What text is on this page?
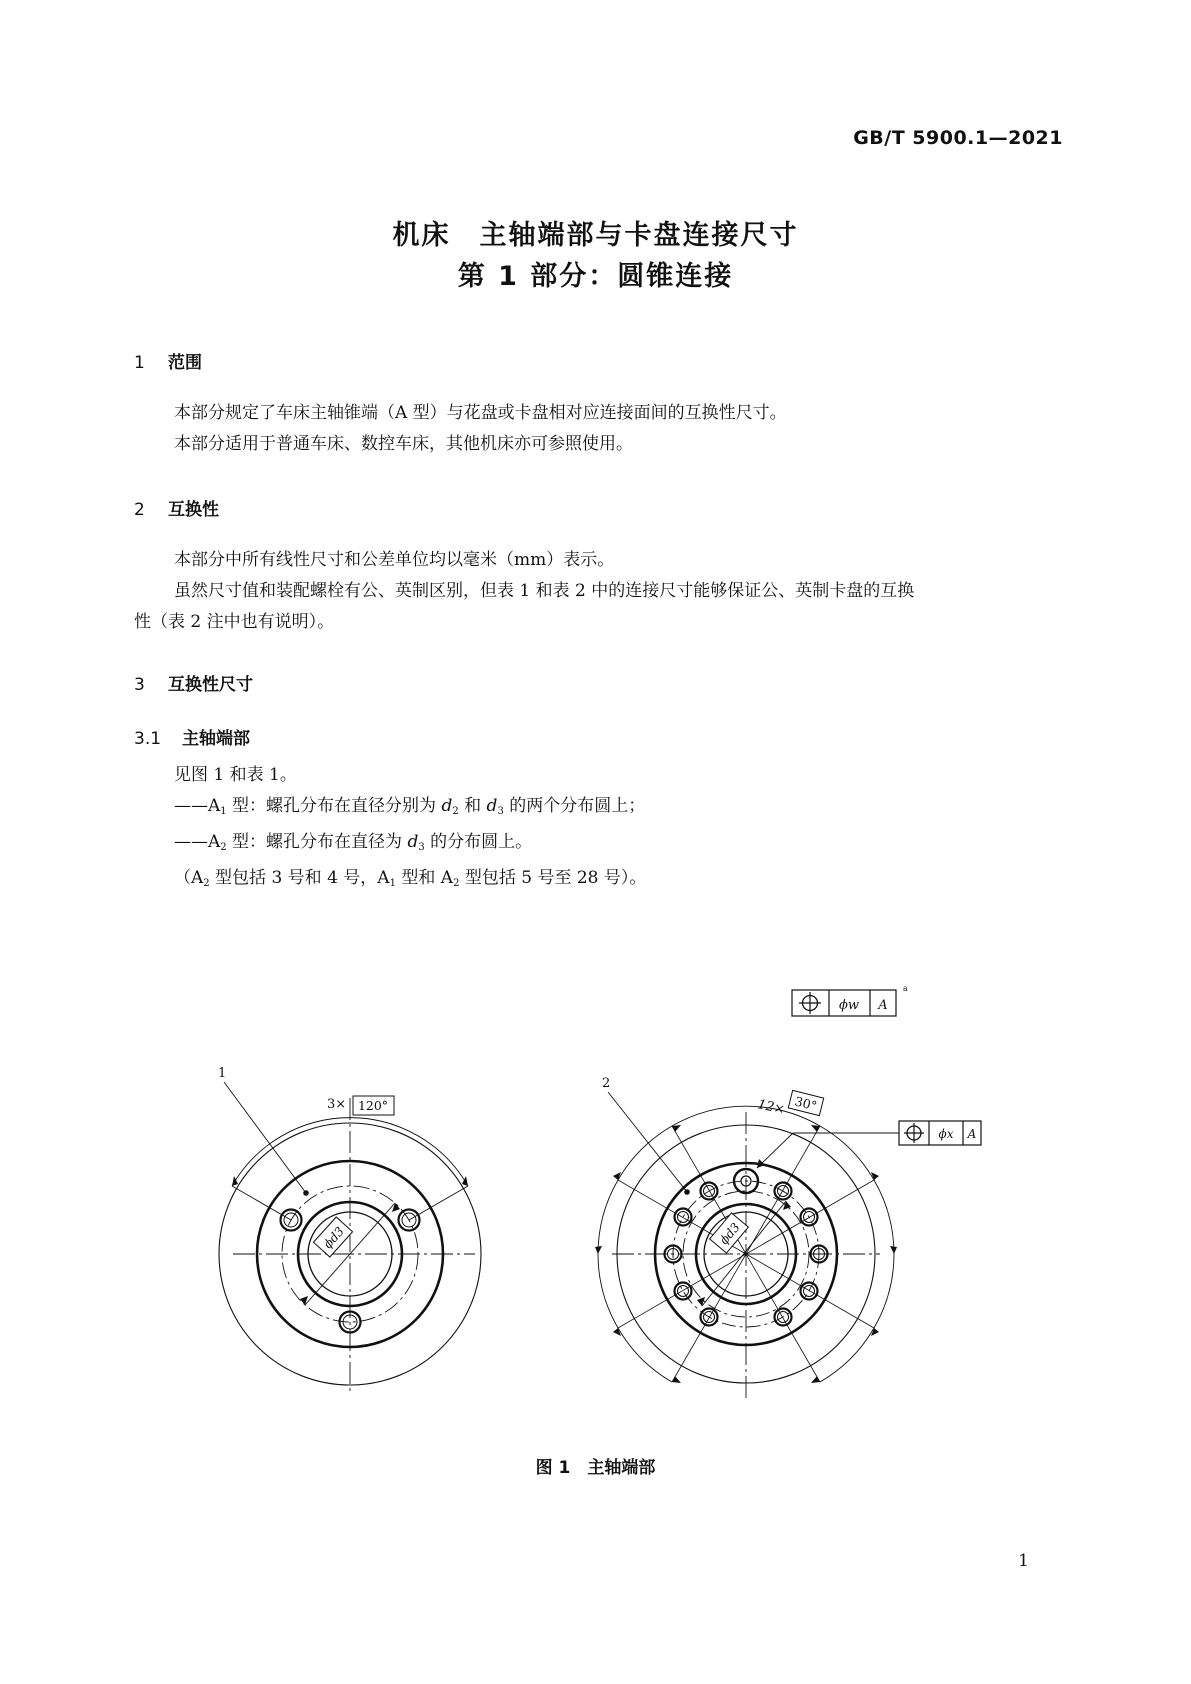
GB/T 5900.1—2021
机床　主轴端部与卡盘连接尺寸
第 1 部分：圆锥连接
1 范围
本部分规定了车床主轴锥端（A 型）与花盘或卡盘相对应连接面间的互换性尺寸。
本部分适用于普通车床、数控车床，其他机床亦可参照使用。
2 互换性
本部分中所有线性尺寸和公差单位均以毫米（mm）表示。
虽然尺寸值和装配螺栓有公、英制区别，但表 1 和表 2 中的连接尺寸能够保证公、英制卡盘的互换
性（表 2 注中也有说明）。
3 互换性尺寸
3.1 主轴端部
见图 1 和表 1。
$——A_1$ 型：螺孔分布在直径分别为 $d_2$ 和 $d_3$ 的两个分布圆上；
$——A_2$ 型：螺孔分布在直径为 $d_3$ 的分布圆上。
（$A_2$ 型包括 3 号和 4 号，$A_1$ 型和 $A_2$ 型包括 5 号至 28 号）。
ϕw A
a
3× 120°
1
ϕd3
12× 30°
2
ϕd3
ϕx A
图 1　主轴端部
1
